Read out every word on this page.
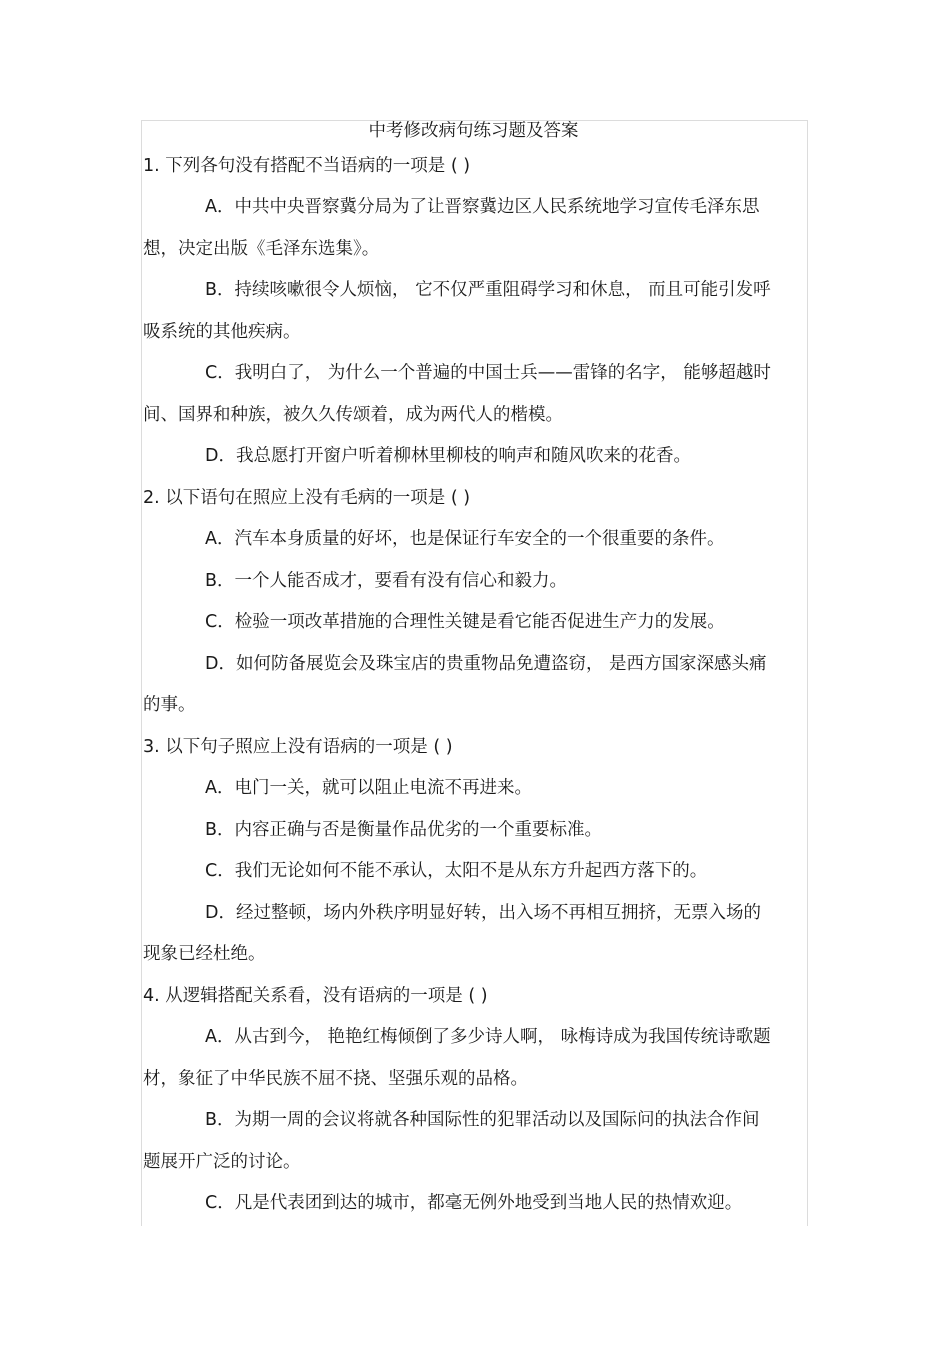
中考修改病句练习题及答案
1. 下列各句没有搭配不当语病的一项是 ( )
A．中共中央晋察冀分局为了让晋察冀边区人民系统地学习宣传毛泽东思
想，决定出版《毛泽东选集》。
B．持续咳嗽很令人烦恼， 它不仅严重阻碍学习和休息， 而且可能引发呼
吸系统的其他疾病。
C．我明白了， 为什么一个普遍的中国士兵——雷锋的名字， 能够超越时
间、国界和种族，被久久传颂着，成为两代人的楷模。
D．我总愿打开窗户听着柳林里柳枝的响声和随风吹来的花香。
2. 以下语句在照应上没有毛病的一项是 ( )
A．汽车本身质量的好坏，也是保证行车安全的一个很重要的条件。
B．一个人能否成才，要看有没有信心和毅力。
C．检验一项改革措施的合理性关键是看它能否促进生产力的发展。
D．如何防备展览会及珠宝店的贵重物品免遭盗窃， 是西方国家深感头痛
的事。
3. 以下句子照应上没有语病的一项是 ( )
A．电门一关，就可以阻止电流不再进来。
B．内容正确与否是衡量作品优劣的一个重要标准。
C．我们无论如何不能不承认，太阳不是从东方升起西方落下的。
D．经过整顿，场内外秩序明显好转，出入场不再相互拥挤，无票入场的
现象已经杜绝。
4. 从逻辑搭配关系看，没有语病的一项是 ( )
A．从古到今， 艳艳红梅倾倒了多少诗人啊， 咏梅诗成为我国传统诗歌题
材，象征了中华民族不屈不挠、坚强乐观的品格。
B．为期一周的会议将就各种国际性的犯罪活动以及国际问的执法合作间
题展开广泛的讨论。
C．凡是代表团到达的城市，都毫无例外地受到当地人民的热情欢迎。
